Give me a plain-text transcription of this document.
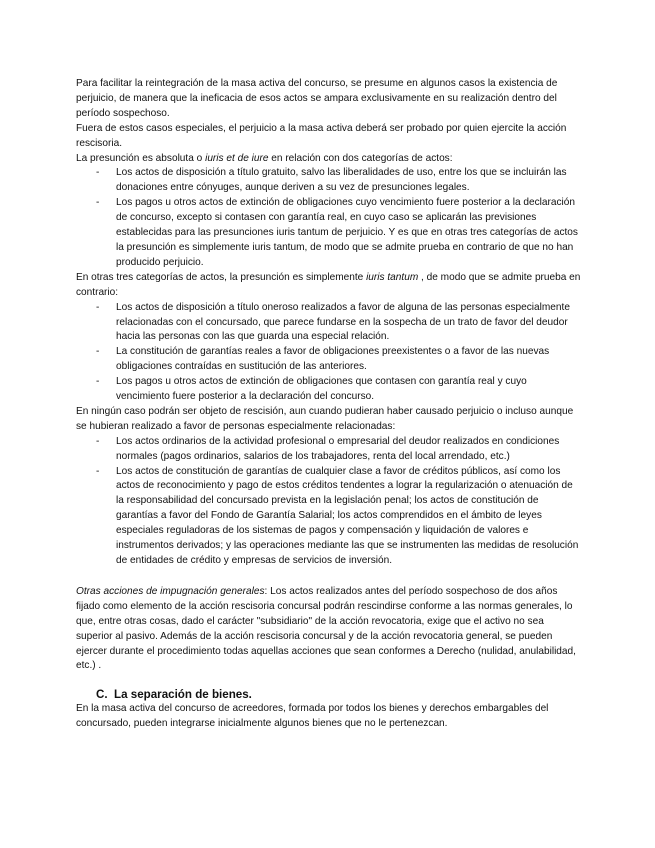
Para facilitar la reintegración de la masa activa del concurso, se presume en algunos casos la existencia de perjuicio, de manera que la ineficacia de esos actos se ampara exclusivamente en su realización dentro del período sospechoso.

Fuera de estos casos especiales, el perjuicio a la masa activa deberá ser probado por quien ejercite la acción rescisoria.

La presunción es absoluta o iuris et de iure en relación con dos categorías de actos:

- Los actos de disposición a título gratuito, salvo las liberalidades de uso, entre los que se incluirán las donaciones entre cónyuges, aunque deriven a su vez de presunciones legales.
- Los pagos u otros actos de extinción de obligaciones cuyo vencimiento fuere posterior a la declaración de concurso, excepto si contasen con garantía real, en cuyo caso se aplicarán las previsiones establecidas para las presunciones iuris tantum de perjuicio. Y es que en otras tres categorías de actos la presunción es simplemente iuris tantum, de modo que se admite prueba en contrario de que no han producido perjuicio.

En otras tres categorías de actos, la presunción es simplemente iuris tantum , de modo que se admite prueba en contrario:

- Los actos de disposición a título oneroso realizados a favor de alguna de las personas especialmente relacionadas con el concursado, que parece fundarse en la sospecha de un trato de favor del deudor hacia las personas con las que guarda una especial relación.
- La constitución de garantías reales a favor de obligaciones preexistentes o a favor de las nuevas obligaciones contraídas en sustitución de las anteriores.
- Los pagos u otros actos de extinción de obligaciones que contasen con garantía real y cuyo vencimiento fuere posterior a la declaración del concurso.

En ningún caso podrán ser objeto de rescisión, aun cuando pudieran haber causado perjuicio o incluso aunque se hubieran realizado a favor de personas especialmente relacionadas:

- Los actos ordinarios de la actividad profesional o empresarial del deudor realizados en condiciones normales (pagos ordinarios, salarios de los trabajadores, renta del local arrendado, etc.)
- Los actos de constitución de garantías de cualquier clase a favor de créditos públicos, así como los actos de reconocimiento y pago de estos créditos tendentes a lograr la regularización o atenuación de la responsabilidad del concursado prevista en la legislación penal; los actos de constitución de garantías a favor del Fondo de Garantía Salarial; los actos comprendidos en el ámbito de leyes especiales reguladoras de los sistemas de pagos y compensación y liquidación de valores e instrumentos derivados; y las operaciones mediante las que se instrumenten las medidas de resolución de entidades de crédito y empresas de servicios de inversión.

Otras acciones de impugnación generales: Los actos realizados antes del período sospechoso de dos años fijado como elemento de la acción rescisoria concursal podrán rescindirse conforme a las normas generales, lo que, entre otras cosas, dado el carácter "subsidiario" de la acción revocatoria, exige que el activo no sea superior al pasivo. Además de la acción rescisoria concursal y de la acción revocatoria general, se pueden ejercer durante el procedimiento todas aquellas acciones que sean conformes a Derecho (nulidad, anulabilidad, etc.) .

C. La separación de bienes.

En la masa activa del concurso de acreedores, formada por todos los bienes y derechos embargables del concursado, pueden integrarse inicialmente algunos bienes que no le pertenezcan.
